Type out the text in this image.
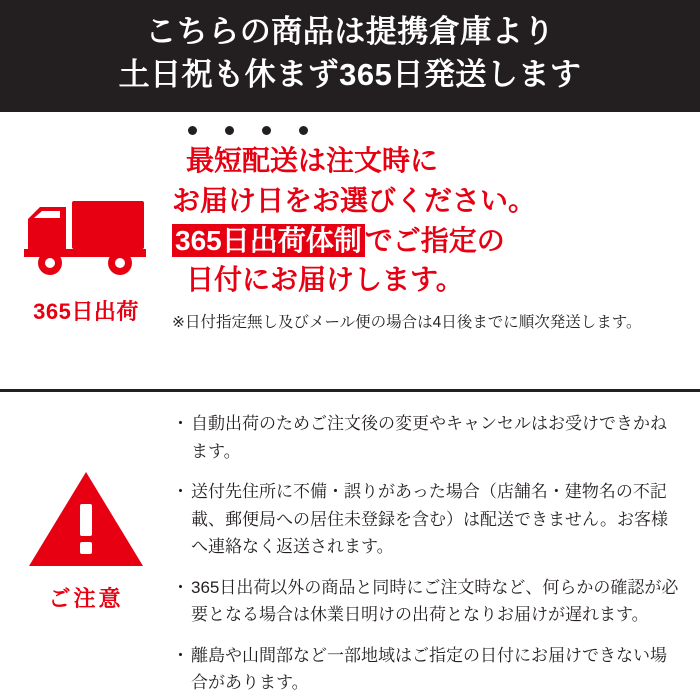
こちらの商品は提携倉庫より
土日祝も休まず365日発送します
365日出荷
最短配送は注文時に
お届け日をお選びください。
365日出荷体制 でご指定の
日付にお届けします。
※日付指定無し及びメール便の場合は4日後までに順次発送します。
ご注意
・ 自動出荷のためご注文後の変更やキャンセルはお受けできかねます。
・ 送付先住所に不備・誤りがあった場合（店舗名・建物名の不記載、郵便局への居住未登録を含む）は配送できません。お客様へ連絡なく返送されます。
・ 365日出荷以外の商品と同時にご注文時など、何らかの確認が必要となる場合は休業日明けの出荷となりお届けが遅れます。
・ 離島や山間部など一部地域はご指定の日付にお届けできない場合があります。
